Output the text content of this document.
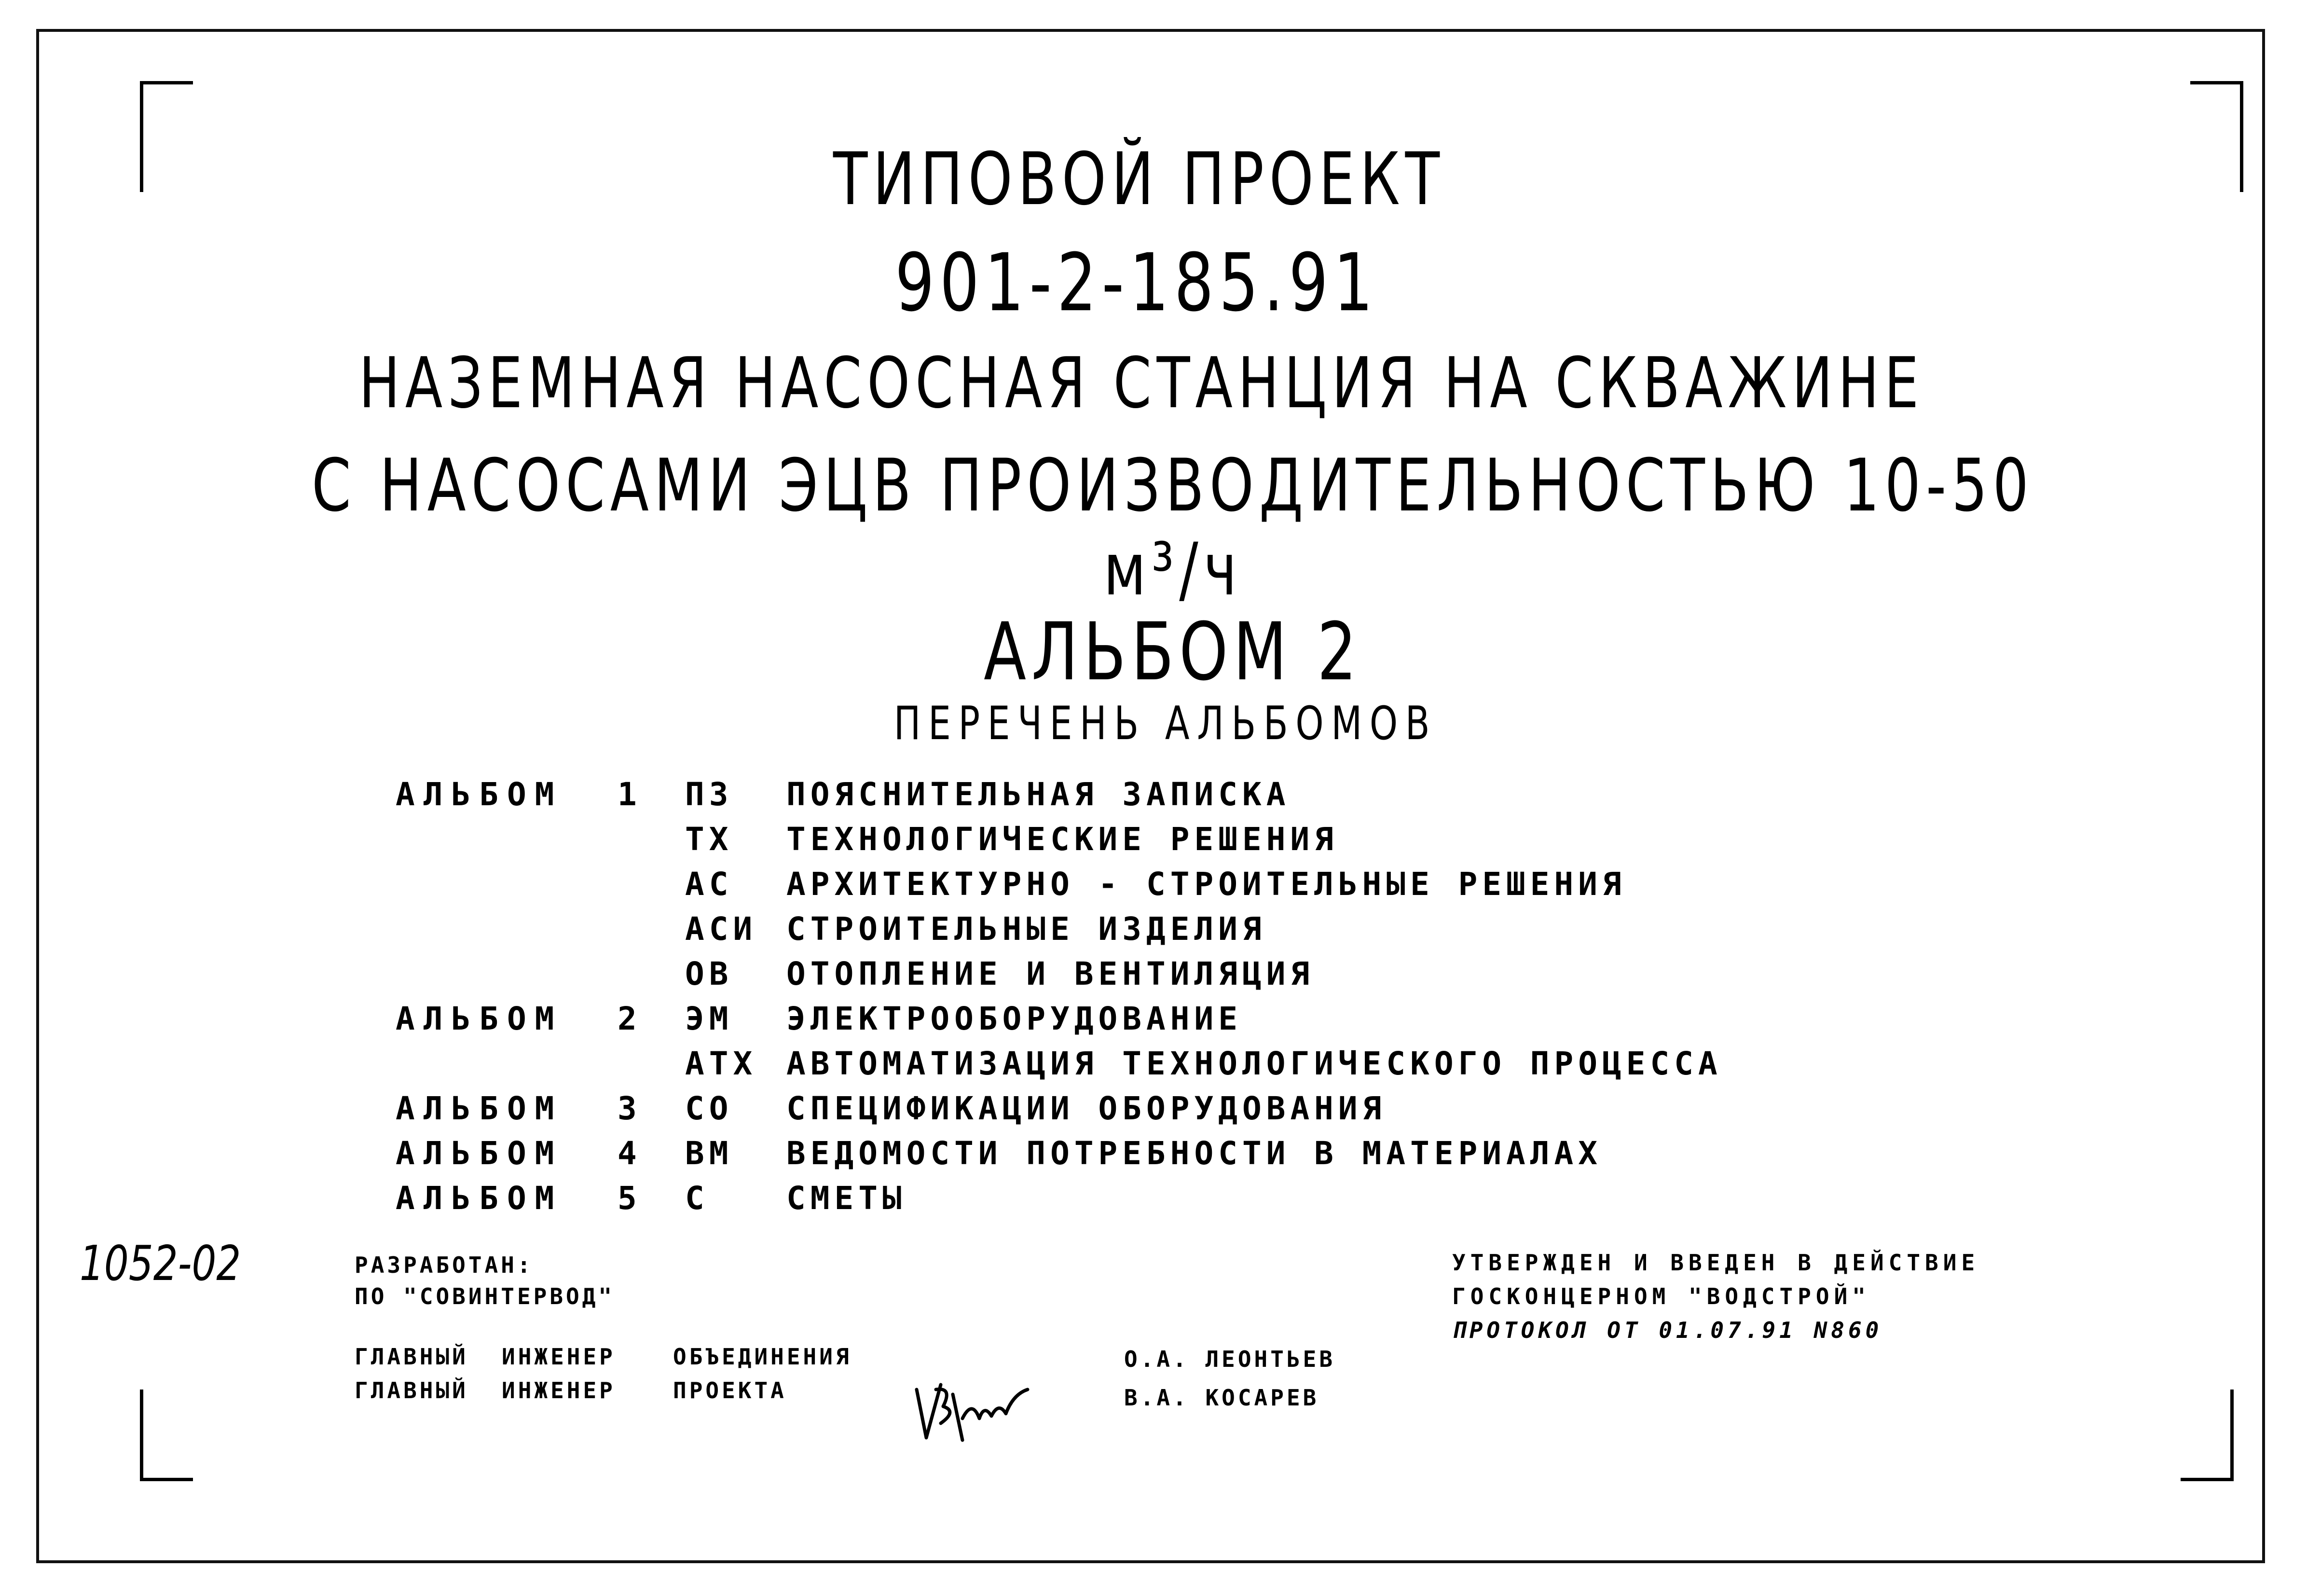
ТИПОВОЙ ПРОЕКТ
901-2-185.91
НАЗЕМНАЯ НАСОСНАЯ СТАНЦИЯ НА СКВАЖИНЕ
С НАСОСАМИ ЭЦВ ПРОИЗВОДИТЕЛЬНОСТЬЮ 10-50 м³/ч
АЛЬБОМ 2
ПЕРЕЧЕНЬ АЛЬБОМОВ
АЛЬБОМ 1 ПЗ ПОЯСНИТЕЛЬНАЯ ЗАПИСКА
ТХ ТЕХНОЛОГИЧЕСКИЕ РЕШЕНИЯ
АС АРХИТЕКТУРНО - СТРОИТЕЛЬНЫЕ РЕШЕНИЯ
АСИ СТРОИТЕЛЬНЫЕ ИЗДЕЛИЯ
ОВ ОТОПЛЕНИЕ И ВЕНТИЛЯЦИЯ
АЛЬБОМ 2 ЭМ ЭЛЕКТРООБОРУДОВАНИЕ
АТХ АВТОМАТИЗАЦИЯ ТЕХНОЛОГИЧЕСКОГО ПРОЦЕССА
АЛЬБОМ 3 СО СПЕЦИФИКАЦИИ ОБОРУДОВАНИЯ
АЛЬБОМ 4 ВМ ВЕДОМОСТИ ПОТРЕБНОСТИ В МАТЕРИАЛАХ
АЛЬБОМ 5 С СМЕТЫ
1052-02	РАЗРАБОТАН:
ПО "СОВИНТЕРВОД"
ГЛАВНЫЙ ИНЖЕНЕР	ОБЪЕДИНЕНИЯ
ГЛАВНЫЙ ИНЖЕНЕР	ПРОЕКТА
О.А. ЛЕОНТЬЕВ
В.А. КОСАРЕВ
УТВЕРЖДЕН И ВВЕДЕН В ДЕЙСТВИЕ
ГОСКОНЦЕРНОМ "ВОДСТРОЙ"
ПРОТОКОЛ ОТ 01.07.91 N860
